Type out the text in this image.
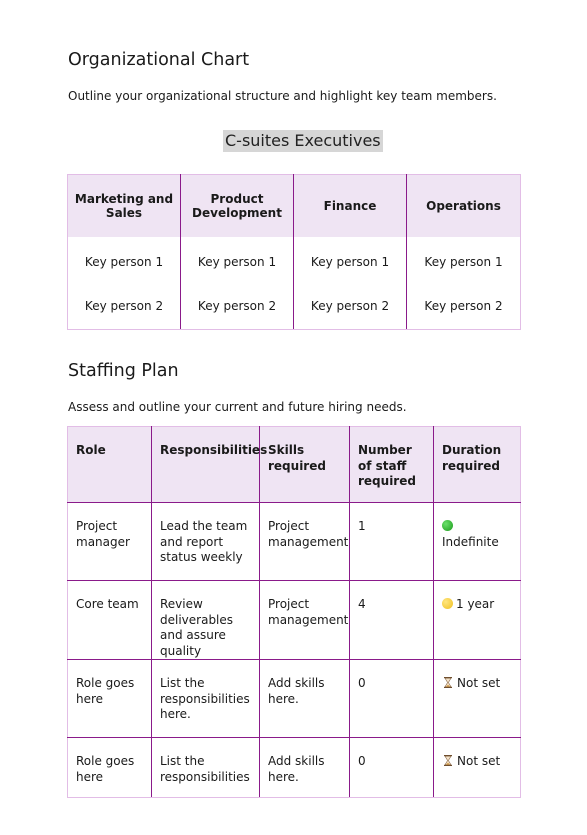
Organizational Chart

Outline your organizational structure and highlight key team members.

C-suites Executives
Marketing and Sales	Product Development	Finance	Operations
Key person 1	Key person 1	Key person 1	Key person 1
Key person 2	Key person 2	Key person 2	Key person 2
Staffing Plan

Assess and outline your current and future hiring needs.

Role	Responsibilities	Skills required	Number of staff required	Duration required
Project manager	Lead the team and report status weekly	Project management	1	Indefinite
Core team	Review deliverables and assure quality	Project management	4	1 year
Role goes here	List the responsibilities here.	Add skills here.	0	Not set
Role goes here	List the responsibilities	Add skills here.	0	Not set
